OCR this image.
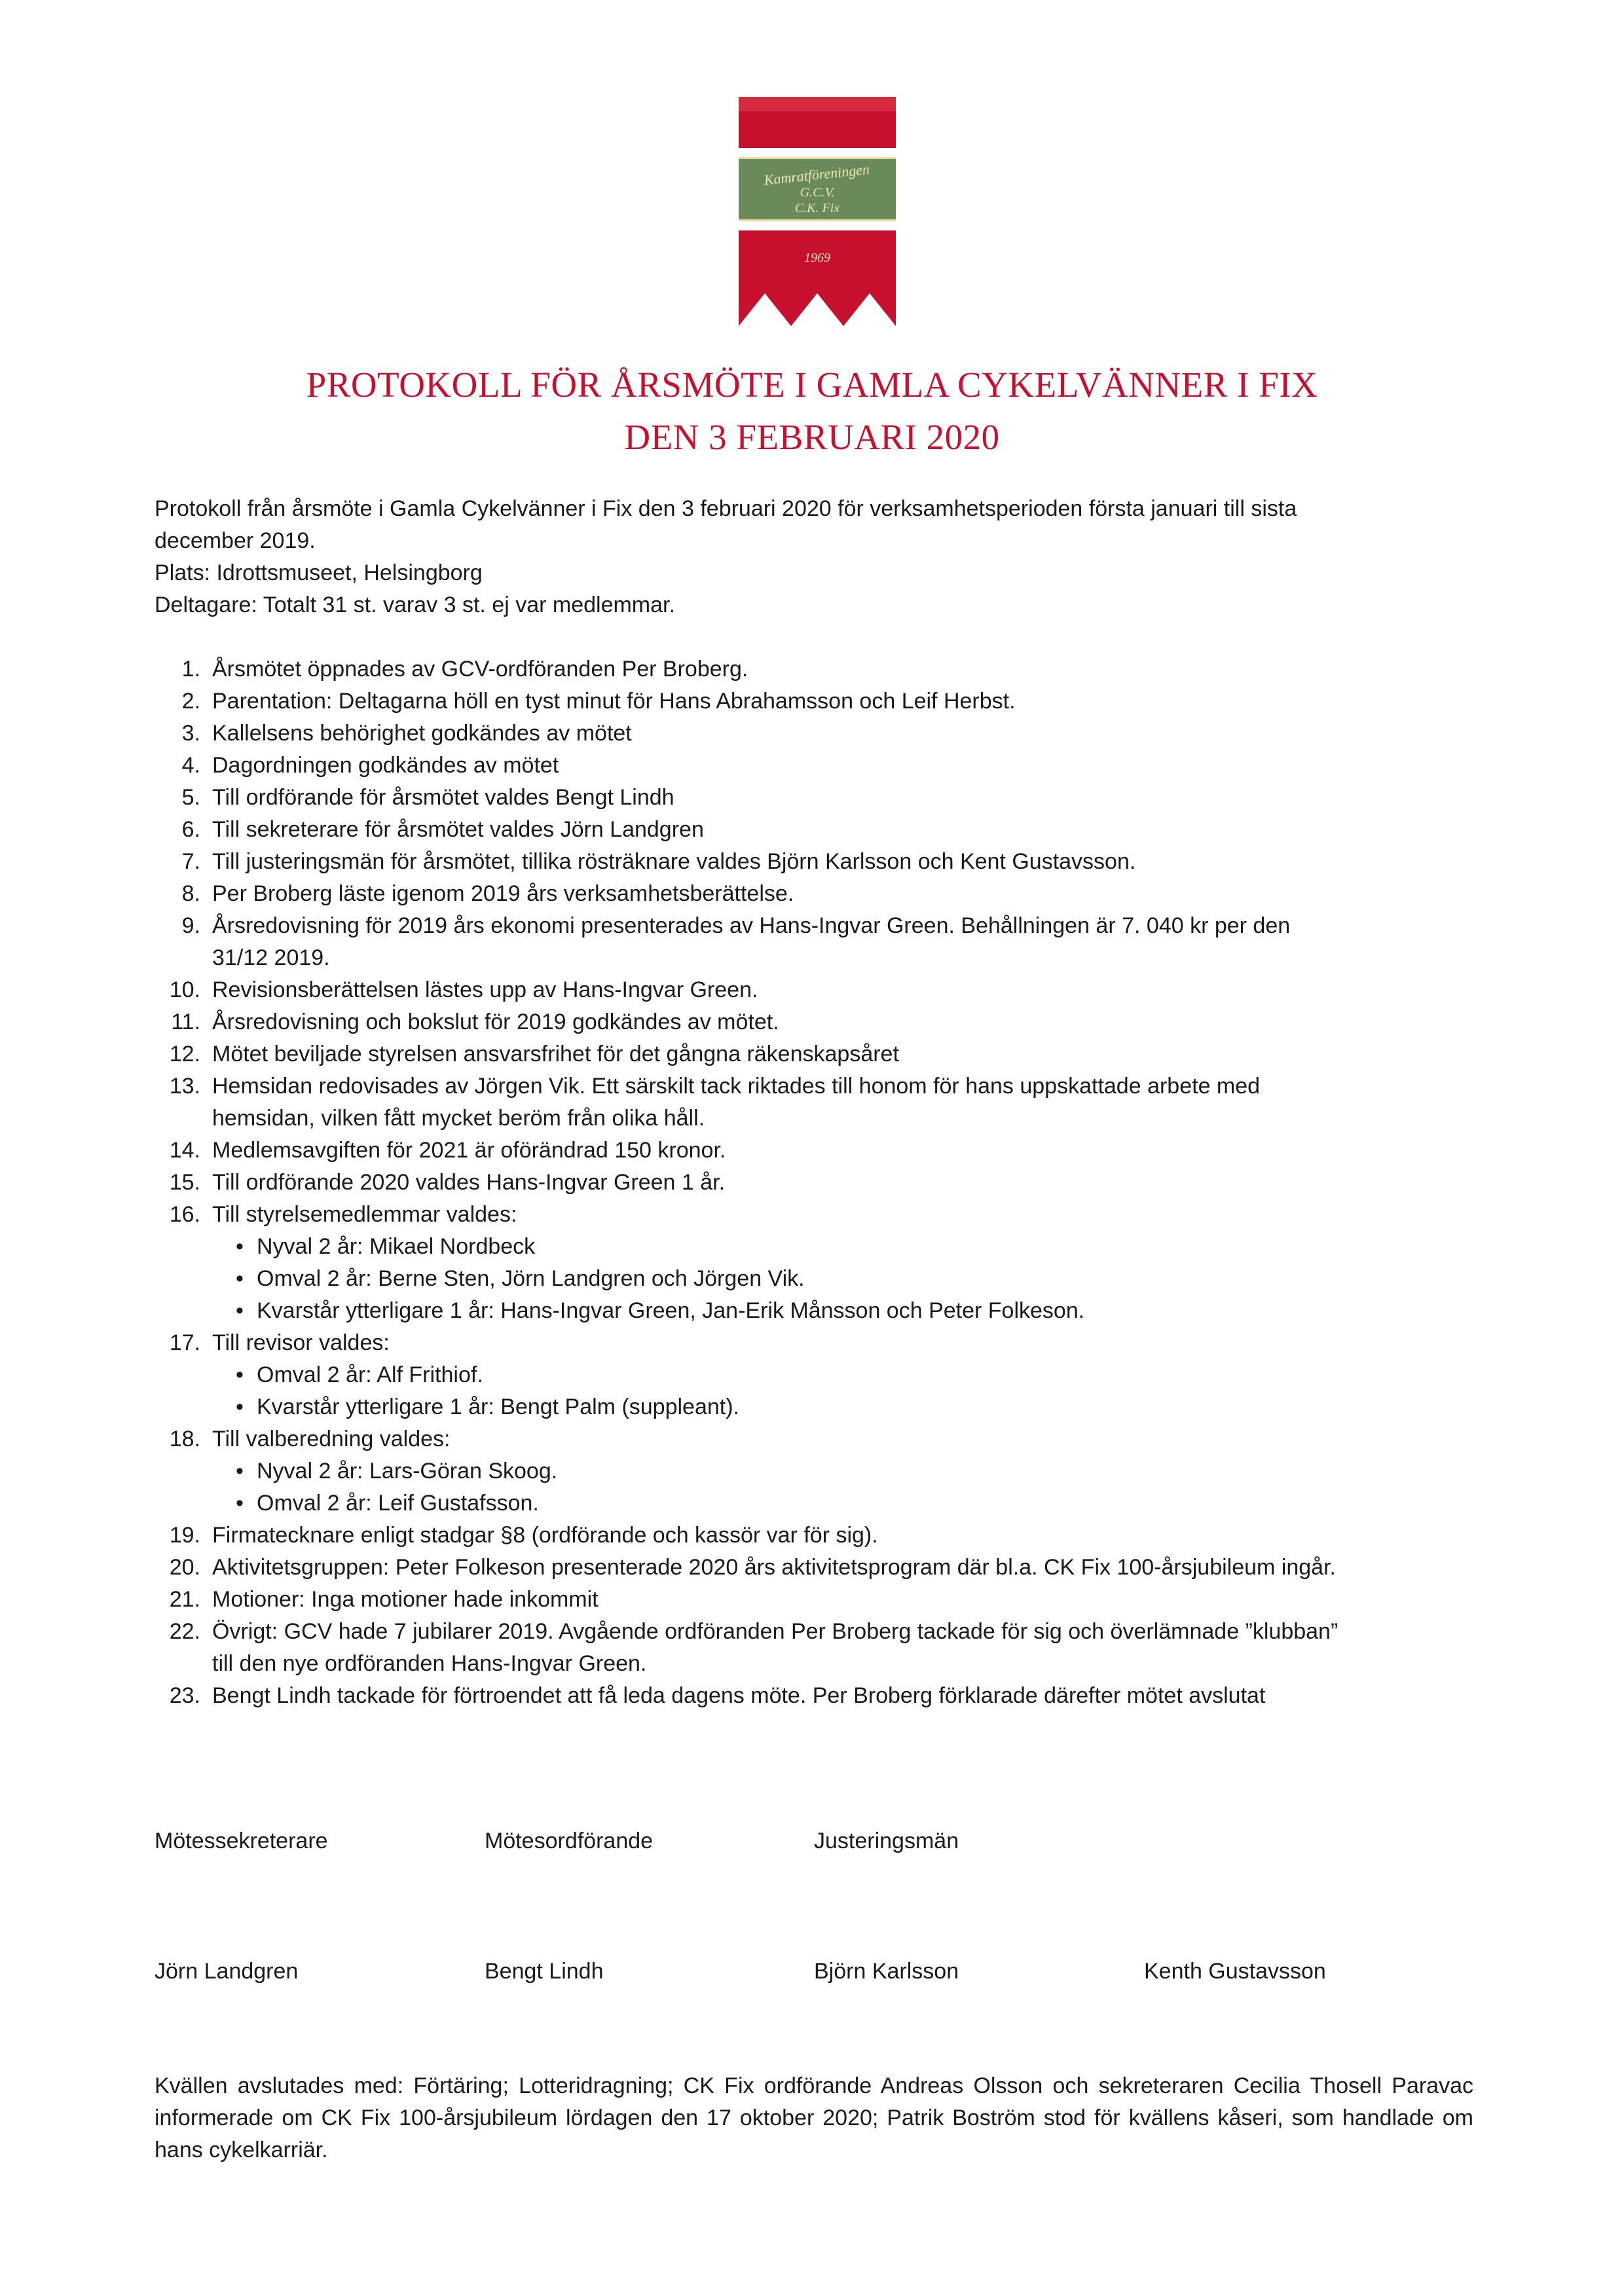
Kamratföreningen
G.C.V.
C.K. Fix
1969
PROTOKOLL FÖR ÅRSMÖTE I GAMLA CYKELVÄNNER I FIX
DEN 3 FEBRUARI 2020

Protokoll från årsmöte i Gamla Cykelvänner i Fix den 3 februari 2020 för verksamhetsperioden första januari till sista

december 2019.

Plats: Idrottsmuseet, Helsingborg

Deltagare: Totalt 31 st. varav 3 st. ej var medlemmar.

1. Årsmötet öppnades av GCV-ordföranden Per Broberg.
2. Parentation: Deltagarna höll en tyst minut för Hans Abrahamsson och Leif Herbst.
3. Kallelsens behörighet godkändes av mötet
4. Dagordningen godkändes av mötet
5. Till ordförande för årsmötet valdes Bengt Lindh
6. Till sekreterare för årsmötet valdes Jörn Landgren
7. Till justeringsmän för årsmötet, tillika rösträknare valdes Björn Karlsson och Kent Gustavsson.
8. Per Broberg läste igenom 2019 års verksamhetsberättelse.
9. Årsredovisning för 2019 års ekonomi presenterades av Hans-Ingvar Green. Behållningen är 7. 040 kr per den
31/12 2019.
10. Revisionsberättelsen lästes upp av Hans-Ingvar Green.
11. Årsredovisning och bokslut för 2019 godkändes av mötet.
12. Mötet beviljade styrelsen ansvarsfrihet för det gångna räkenskapsåret
13. Hemsidan redovisades av Jörgen Vik. Ett särskilt tack riktades till honom för hans uppskattade arbete med
hemsidan, vilken fått mycket beröm från olika håll.
14. Medlemsavgiften för 2021 är oförändrad 150 kronor.
15. Till ordförande 2020 valdes Hans-Ingvar Green 1 år.
16. Till styrelsemedlemmar valdes:
• Nyval 2 år: Mikael Nordbeck
• Omval 2 år: Berne Sten, Jörn Landgren och Jörgen Vik.
• Kvarstår ytterligare 1 år: Hans-Ingvar Green, Jan-Erik Månsson och Peter Folkeson.
17. Till revisor valdes:
• Omval 2 år: Alf Frithiof.
• Kvarstår ytterligare 1 år: Bengt Palm (suppleant).
18. Till valberedning valdes:
• Nyval 2 år: Lars-Göran Skoog.
• Omval 2 år: Leif Gustafsson.
19. Firmatecknare enligt stadgar §8 (ordförande och kassör var för sig).
20. Aktivitetsgruppen: Peter Folkeson presenterade 2020 års aktivitetsprogram där bl.a. CK Fix 100-årsjubileum ingår.
21. Motioner: Inga motioner hade inkommit
22. Övrigt: GCV hade 7 jubilarer 2019. Avgående ordföranden Per Broberg tackade för sig och överlämnade ”klubban”
till den nye ordföranden Hans-Ingvar Green.
23. Bengt Lindh tackade för förtroendet att få leda dagens möte. Per Broberg förklarade därefter mötet avslutat
Mötessekreterare	Mötesordförande	Justeringsmän
Jörn Landgren	Bengt Lindh	Björn Karlsson	Kenth Gustavsson

Kvällen avslutades med: Förtäring; Lotteridragning; CK Fix ordförande Andreas Olsson och sekreteraren Cecilia Thosell Paravac informerade om CK Fix 100-årsjubileum lördagen den 17 oktober 2020; Patrik Boström stod för kvällens kåseri, som handlade om hans cykelkarriär.
